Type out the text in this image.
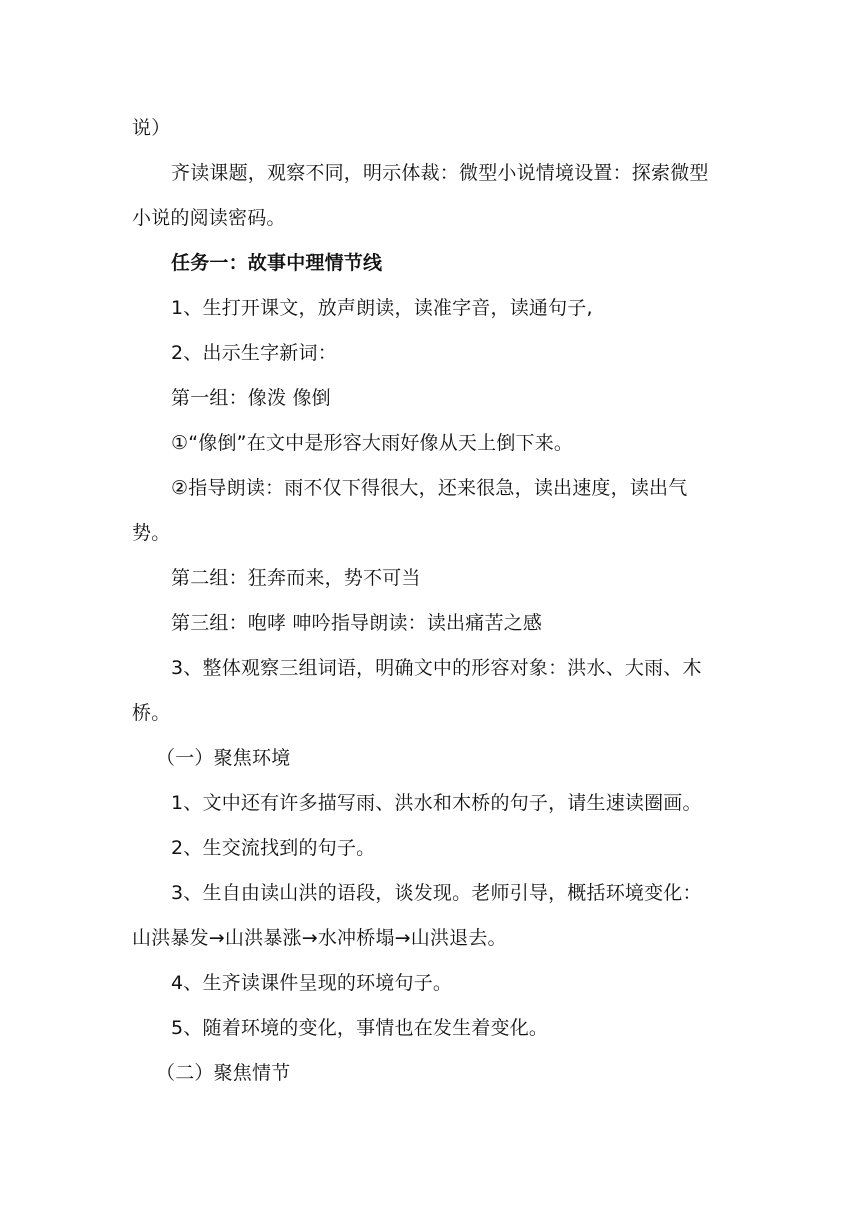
说）
齐读课题，观察不同，明示体裁：微型小说情境设置：探索微型
小说的阅读密码。
任务一：故事中理情节线
1、生打开课文，放声朗读，读准字音，读通句子,
2、出示生字新词：
第一组：像泼 像倒
①“像倒”在文中是形容大雨好像从天上倒下来。
②指导朗读：雨不仅下得很大，还来很急，读出速度，读出气
势。
第二组：狂奔而来，势不可当
第三组：咆哮 呻吟指导朗读：读出痛苦之感
3、整体观察三组词语，明确文中的形容对象：洪水、大雨、木
桥。
（一）聚焦环境
1、文中还有许多描写雨、洪水和木桥的句子，请生速读圈画。
2、生交流找到的句子。
3、生自由读山洪的语段，谈发现。老师引导，概括环境变化：
山洪暴发→山洪暴涨→水冲桥塌→山洪退去。
4、生齐读课件呈现的环境句子。
5、随着环境的变化，事情也在发生着变化。
（二）聚焦情节
